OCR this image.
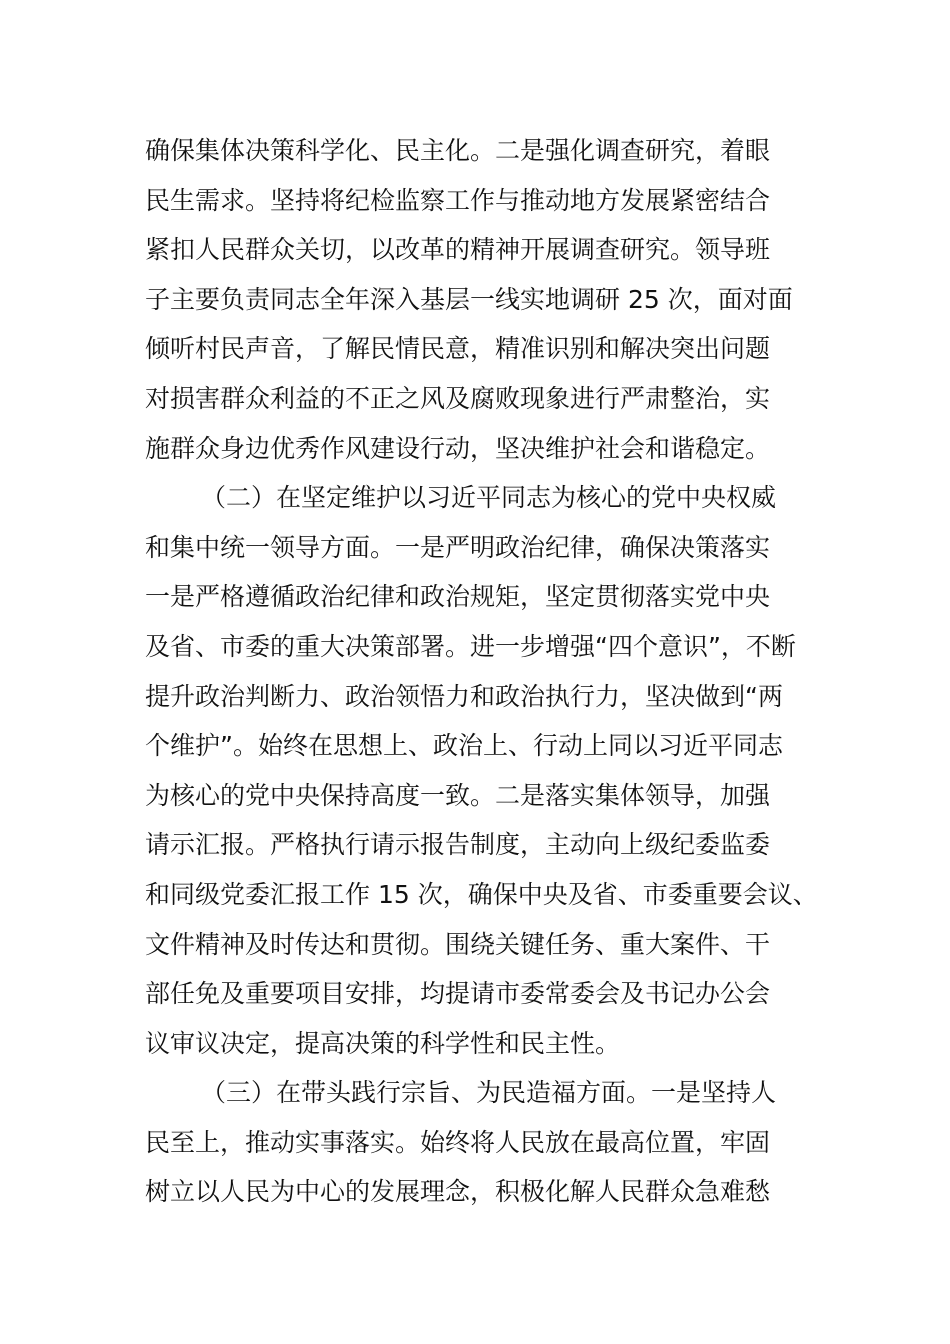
确保集体决策科学化、民主化。二是强化调查研究，着眼
民生需求。坚持将纪检监察工作与推动地方发展紧密结合
紧扣人民群众关切，以改革的精神开展调查研究。领导班
子主要负责同志全年深入基层一线实地调研 25 次，面对面
倾听村民声音，了解民情民意，精准识别和解决突出问题
对损害群众利益的不正之风及腐败现象进行严肃整治，实
施群众身边优秀作风建设行动，坚决维护社会和谐稳定。
（二）在坚定维护以习近平同志为核心的党中央权威
和集中统一领导方面。一是严明政治纪律，确保决策落实
一是严格遵循政治纪律和政治规矩，坚定贯彻落实党中央
及省、市委的重大决策部署。进一步增强“四个意识”，不断
提升政治判断力、政治领悟力和政治执行力，坚决做到“两
个维护”。始终在思想上、政治上、行动上同以习近平同志
为核心的党中央保持高度一致。二是落实集体领导，加强
请示汇报。严格执行请示报告制度，主动向上级纪委监委
和同级党委汇报工作 15 次，确保中央及省、市委重要会议、
文件精神及时传达和贯彻。围绕关键任务、重大案件、干
部任免及重要项目安排，均提请市委常委会及书记办公会
议审议决定，提高决策的科学性和民主性。
（三）在带头践行宗旨、为民造福方面。一是坚持人
民至上，推动实事落实。始终将人民放在最高位置，牢固
树立以人民为中心的发展理念，积极化解人民群众急难愁
